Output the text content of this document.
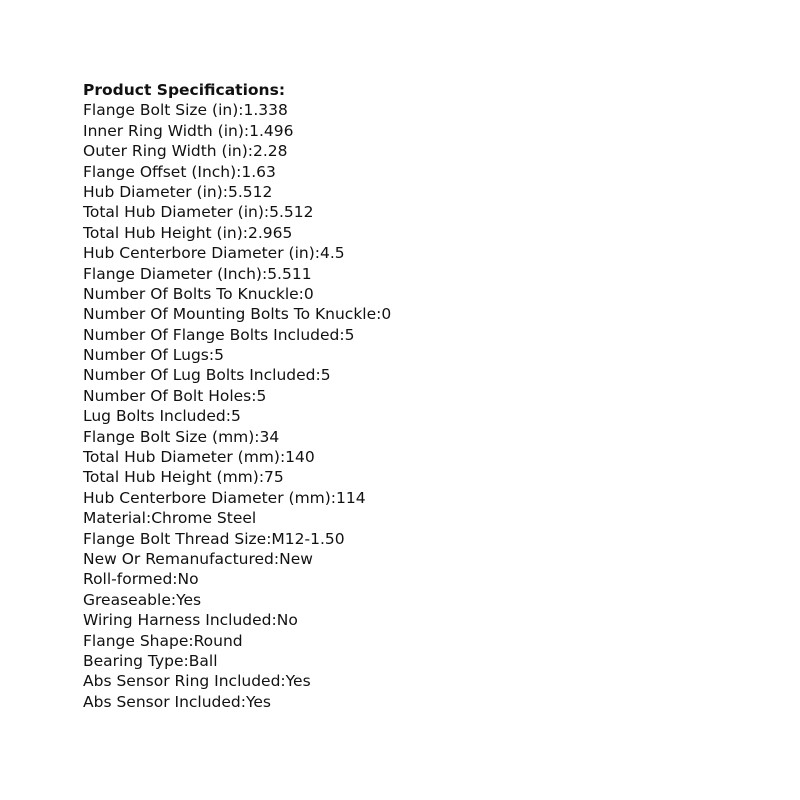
Product Specifications:
Flange Bolt Size (in):1.338
Inner Ring Width (in):1.496
Outer Ring Width (in):2.28
Flange Offset (Inch):1.63
Hub Diameter (in):5.512
Total Hub Diameter (in):5.512
Total Hub Height (in):2.965
Hub Centerbore Diameter (in):4.5
Flange Diameter (Inch):5.511
Number Of Bolts To Knuckle:0
Number Of Mounting Bolts To Knuckle:0
Number Of Flange Bolts Included:5
Number Of Lugs:5
Number Of Lug Bolts Included:5
Number Of Bolt Holes:5
Lug Bolts Included:5
Flange Bolt Size (mm):34
Total Hub Diameter (mm):140
Total Hub Height (mm):75
Hub Centerbore Diameter (mm):114
Material:Chrome Steel
Flange Bolt Thread Size:M12-1.50
New Or Remanufactured:New
Roll-formed:No
Greaseable:Yes
Wiring Harness Included:No
Flange Shape:Round
Bearing Type:Ball
Abs Sensor Ring Included:Yes
Abs Sensor Included:Yes
